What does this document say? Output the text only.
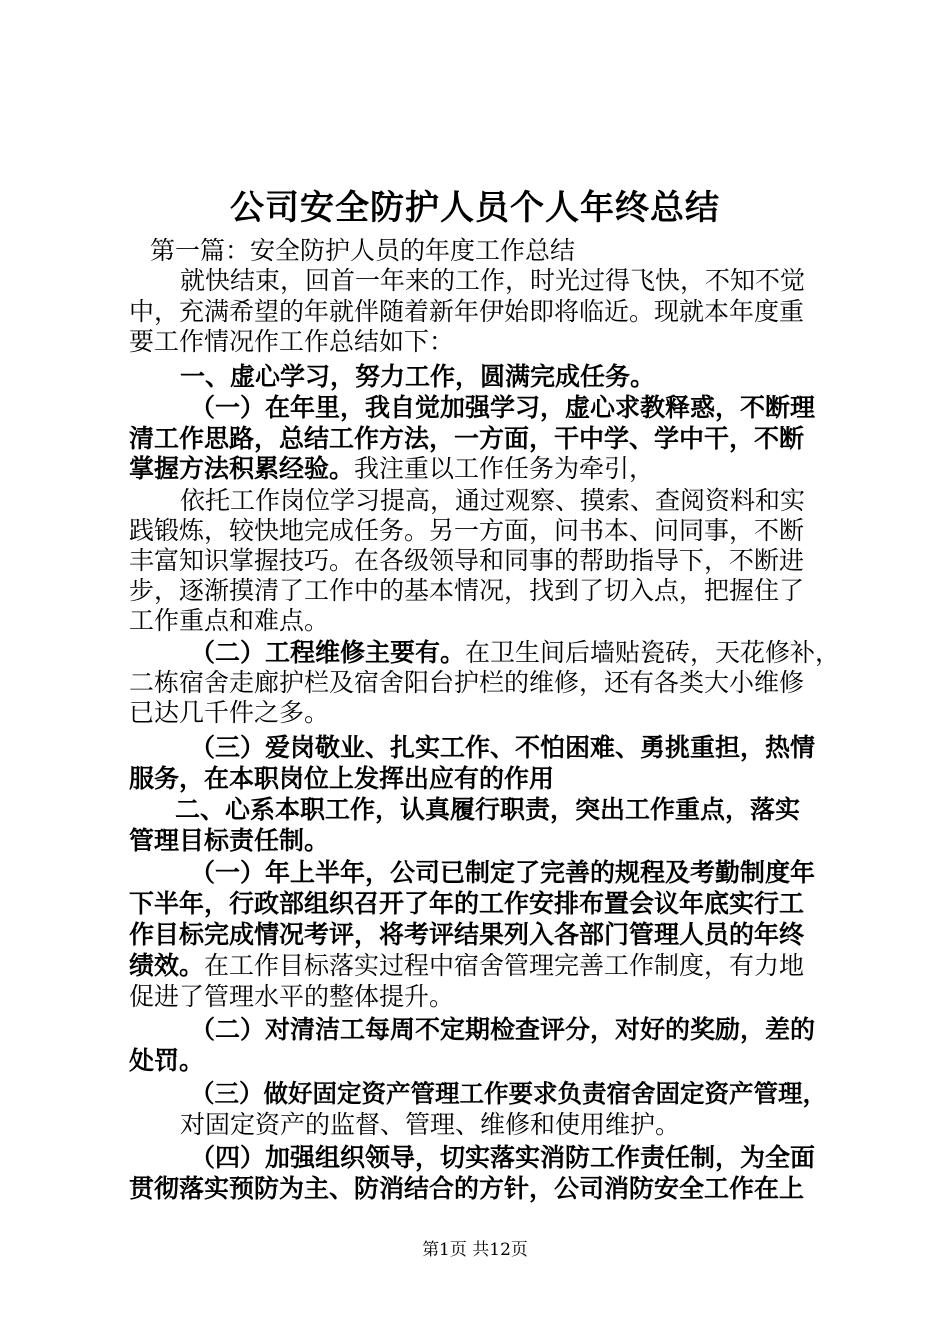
公司安全防护人员个人年终总结
第一篇：安全防护人员的年度工作总结
就快结束，回首一年来的工作，时光过得飞快，不知不觉
中，充满希望的年就伴随着新年伊始即将临近。现就本年度重
要工作情况作工作总结如下：
一、虚心学习，努力工作，圆满完成任务。
（一）在年里，我自觉加强学习，虚心求教释惑，不断理
清工作思路，总结工作方法，一方面，干中学、学中干，不断
掌握方法积累经验。我注重以工作任务为牵引，
依托工作岗位学习提高，通过观察、摸索、查阅资料和实
践锻炼，较快地完成任务。另一方面，问书本、问同事，不断
丰富知识掌握技巧。在各级领导和同事的帮助指导下，不断进
步，逐渐摸清了工作中的基本情况，找到了切入点，把握住了
工作重点和难点。
（二）工程维修主要有。在卫生间后墙贴瓷砖，天花修补，
二栋宿舍走廊护栏及宿舍阳台护栏的维修，还有各类大小维修
已达几千件之多。
（三）爱岗敬业、扎实工作、不怕困难、勇挑重担，热情
服务，在本职岗位上发挥出应有的作用
二、心系本职工作，认真履行职责，突出工作重点，落实
管理目标责任制。
（一）年上半年，公司已制定了完善的规程及考勤制度年
下半年，行政部组织召开了年的工作安排布置会议年底实行工
作目标完成情况考评，将考评结果列入各部门管理人员的年终
绩效。在工作目标落实过程中宿舍管理完善工作制度，有力地
促进了管理水平的整体提升。
（二）对清洁工每周不定期检查评分，对好的奖励，差的
处罚。
（三）做好固定资产管理工作要求负责宿舍固定资产管理，
对固定资产的监督、管理、维修和使用维护。
（四）加强组织领导，切实落实消防工作责任制，为全面
贯彻落实预防为主、防消结合的方针，公司消防安全工作在上
第1页 共12页
